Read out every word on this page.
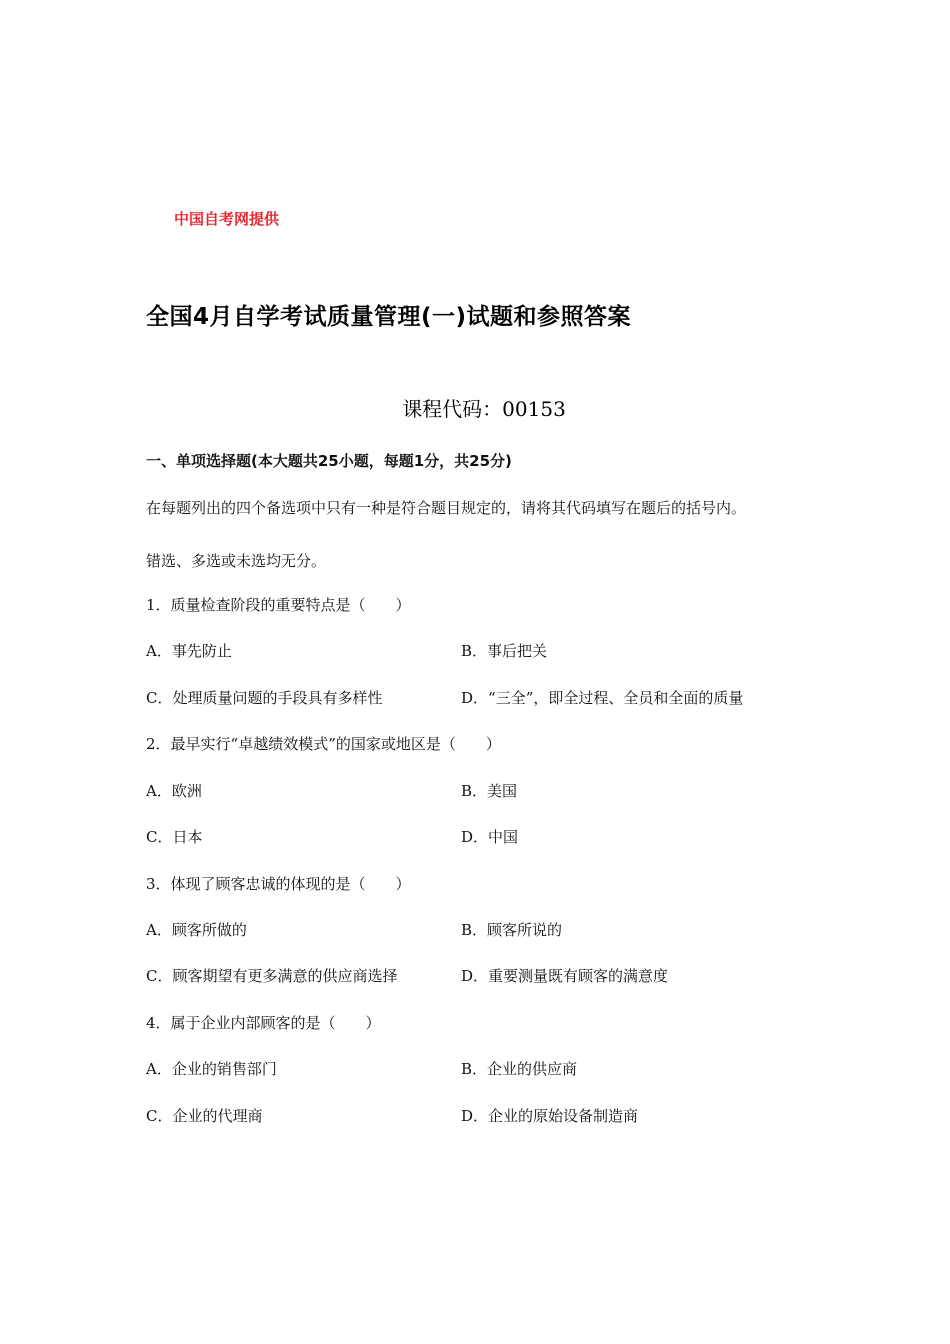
中国自考网提供
全国4月自学考试质量管理(一)试题和参照答案
课程代码：00153
一、单项选择题(本大题共25小题，每题1分，共25分)
在每题列出的四个备选项中只有一种是符合题目规定的，请将其代码填写在题后的括号内。
错选、多选或未选均无分。
1．质量检查阶段的重要特点是（　　）
A．事先防止	B．事后把关
C．处理质量问题的手段具有多样性	D．“三全”，即全过程、全员和全面的质量
2．最早实行“卓越绩效模式”的国家或地区是（　　）
A．欧洲	B．美国
C．日本	D．中国
3．体现了顾客忠诚的体现的是（　　）
A．顾客所做的	B．顾客所说的
C．顾客期望有更多满意的供应商选择	D．重要测量既有顾客的满意度
4．属于企业内部顾客的是（　　）
A．企业的销售部门	B．企业的供应商
C．企业的代理商	D．企业的原始设备制造商
